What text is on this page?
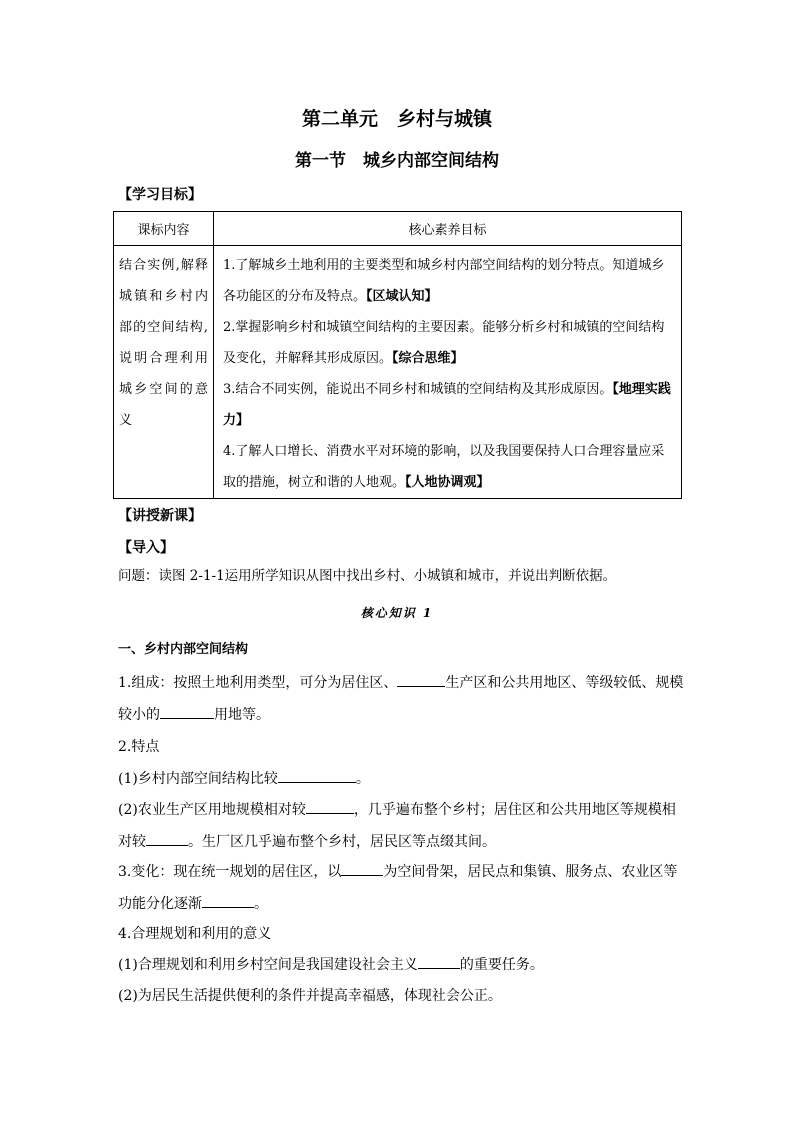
第二单元　乡村与城镇
第一节　城乡内部空间结构
【学习目标】
课标内容	核心素养目标
结合实例,解释城镇和乡村内部的空间结构,说明合理利用城乡空间的意义	1.了解城乡土地利用的主要类型和城乡村内部空间结构的划分特点。知道城乡各功能区的分布及特点。【区域认知】

2.掌握影响乡村和城镇空间结构的主要因素。能够分析乡村和城镇的空间结构及变化，并解释其形成原因。【综合思维】

3.结合不同实例，能说出不同乡村和城镇的空间结构及其形成原因。【地理实践力】

4.了解人口增长、消费水平对环境的影响，以及我国要保持人口合理容量应采取的措施，树立和谐的人地观。【人地协调观】

【讲授新课】
【导入】
问题：读图 2-1-1运用所学知识从图中找出乡村、小城镇和城市，并说出判断依据。
核心知识 1
一、乡村内部空间结构
1.组成：按照土地利用类型，可分为居住区、	生产区和公共用地区、等级较低、规模较小的	用地等。
2.特点
(1)乡村内部空间结构比较	。
(2)农业生产区用地规模相对较	，几乎遍布整个乡村；居住区和公共用地区等规模相对较	。生厂区几乎遍布整个乡村，居民区等点缀其间。
3.变化：现在统一规划的居住区，以	为空间骨架，居民点和集镇、服务点、农业区等功能分化逐渐	。
4.合理规划和利用的意义
(1)合理规划和利用乡村空间是我国建设社会主义	的重要任务。
(2)为居民生活提供便利的条件并提高幸福感，体现社会公正。
